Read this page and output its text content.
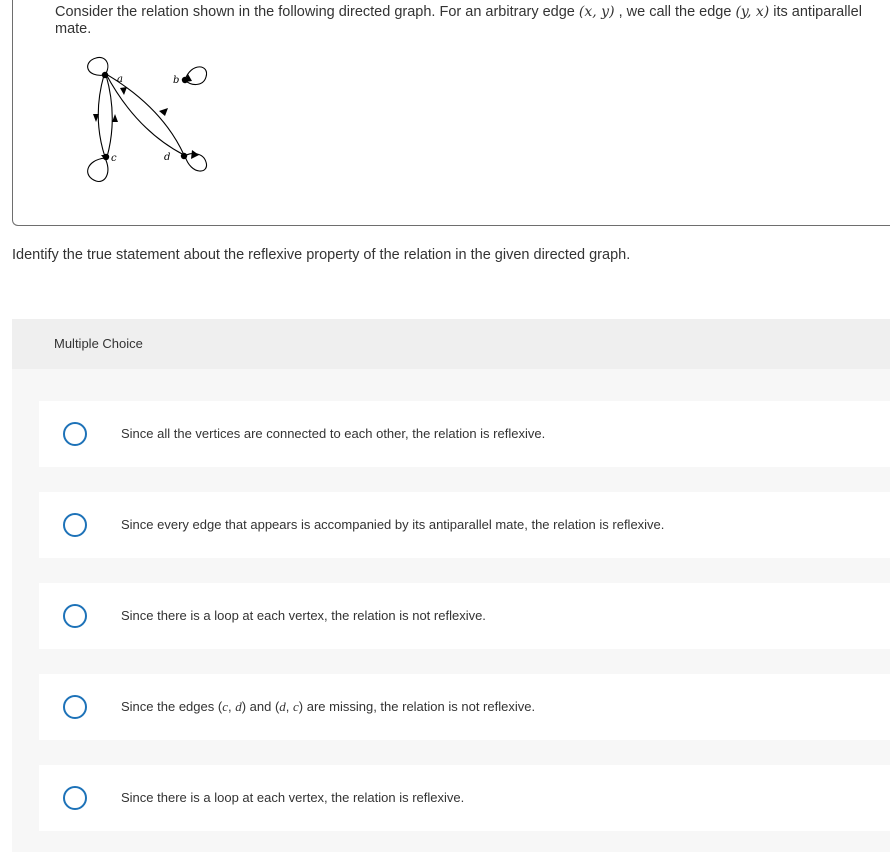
Consider the relation shown in the following directed graph. For an arbitrary edge (x, y) , we call the edge (y, x) its antiparallel mate.
a	b
c	d
Identify the true statement about the reflexive property of the relation in the given directed graph.
Multiple Choice
Since all the vertices are connected to each other, the relation is reflexive.
Since every edge that appears is accompanied by its antiparallel mate, the relation is reflexive.
Since there is a loop at each vertex, the relation is not reflexive.
Since the edges (c, d) and (d, c) are missing, the relation is not reflexive.
Since there is a loop at each vertex, the relation is reflexive.
